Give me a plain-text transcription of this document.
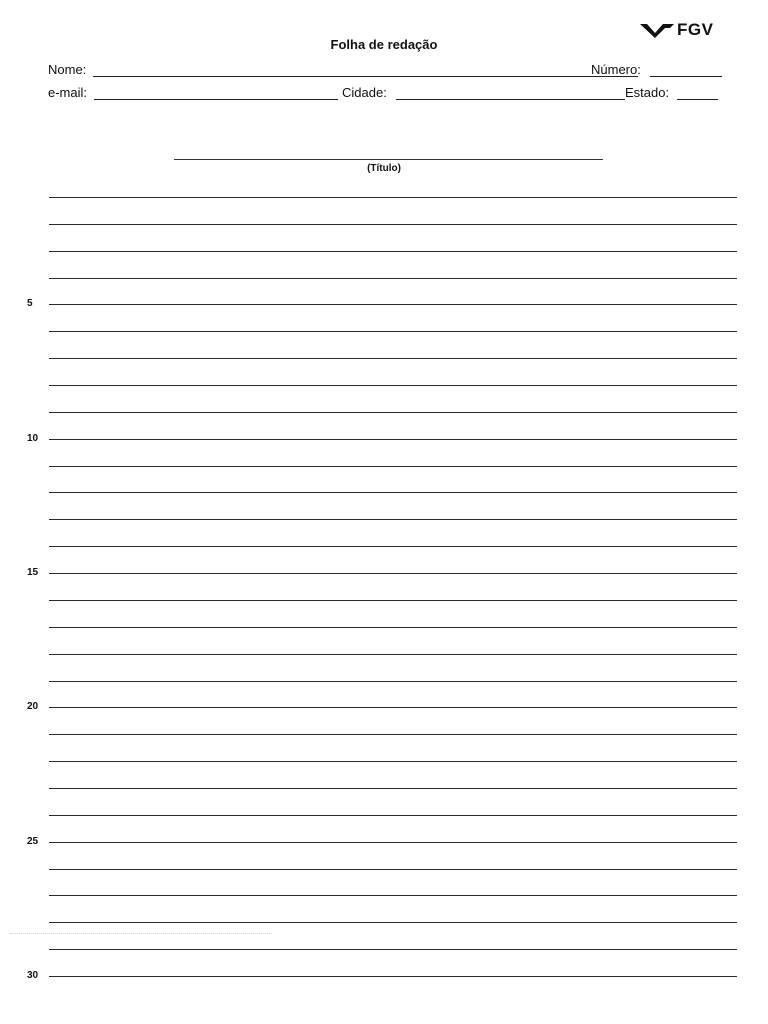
FGV
Folha de redação
Nome:	Número:
e-mail:	Cidade:	Estado:
(Título)
5
10
15
20
25
30
